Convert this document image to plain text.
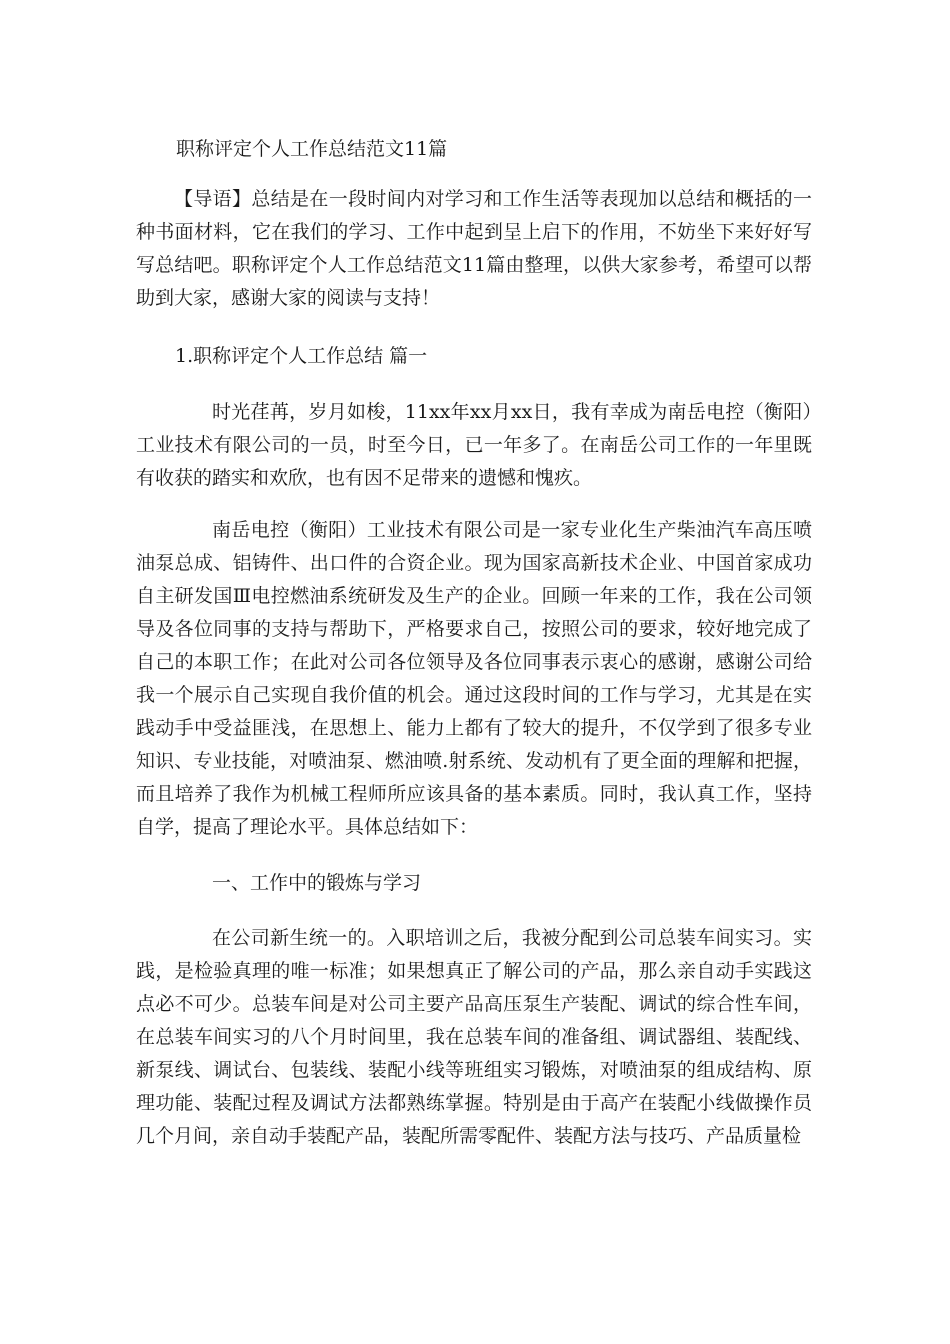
职称评定个人工作总结范文11篇

【导语】总结是在一段时间内对学习和工作生活等表现加以总结和概括的一种书面材料，它在我们的学习、工作中起到呈上启下的作用，不妨坐下来好好写写总结吧。职称评定个人工作总结范文11篇由整理，以供大家参考，希望可以帮助到大家，感谢大家的阅读与支持！

1.职称评定个人工作总结 篇一

时光荏苒，岁月如梭，11xx年xx月xx日，我有幸成为南岳电控（衡阳）工业技术有限公司的一员，时至今日，已一年多了。在南岳公司工作的一年里既有收获的踏实和欢欣，也有因不足带来的遗憾和愧疚。

南岳电控（衡阳）工业技术有限公司是一家专业化生产柴油汽车高压喷油泵总成、铝铸件、出口件的合资企业。现为国家高新技术企业、中国首家成功自主研发国Ⅲ电控燃油系统研发及生产的企业。回顾一年来的工作，我在公司领导及各位同事的支持与帮助下，严格要求自己，按照公司的要求，较好地完成了自己的本职工作；在此对公司各位领导及各位同事表示衷心的感谢，感谢公司给我一个展示自己实现自我价值的机会。通过这段时间的工作与学习，尤其是在实践动手中受益匪浅，在思想上、能力上都有了较大的提升，不仅学到了很多专业知识、专业技能，对喷油泵、燃油喷.射系统、发动机有了更全面的理解和把握，而且培养了我作为机械工程师所应该具备的基本素质。同时，我认真工作，坚持自学，提高了理论水平。具体总结如下：

一、工作中的锻炼与学习

在公司新生统一的。入职培训之后，我被分配到公司总装车间实习。实践，是检验真理的唯一标准；如果想真正了解公司的产品，那么亲自动手实践这点必不可少。总装车间是对公司主要产品高压泵生产装配、调试的综合性车间，在总装车间实习的八个月时间里，我在总装车间的准备组、调试器组、装配线、新泵线、调试台、包装线、装配小线等班组实习锻炼，对喷油泵的组成结构、原理功能、装配过程及调试方法都熟练掌握。特别是由于高产在装配小线做操作员几个月间，亲自动手装配产品，装配所需零配件、装配方法与技巧、产品质量检
